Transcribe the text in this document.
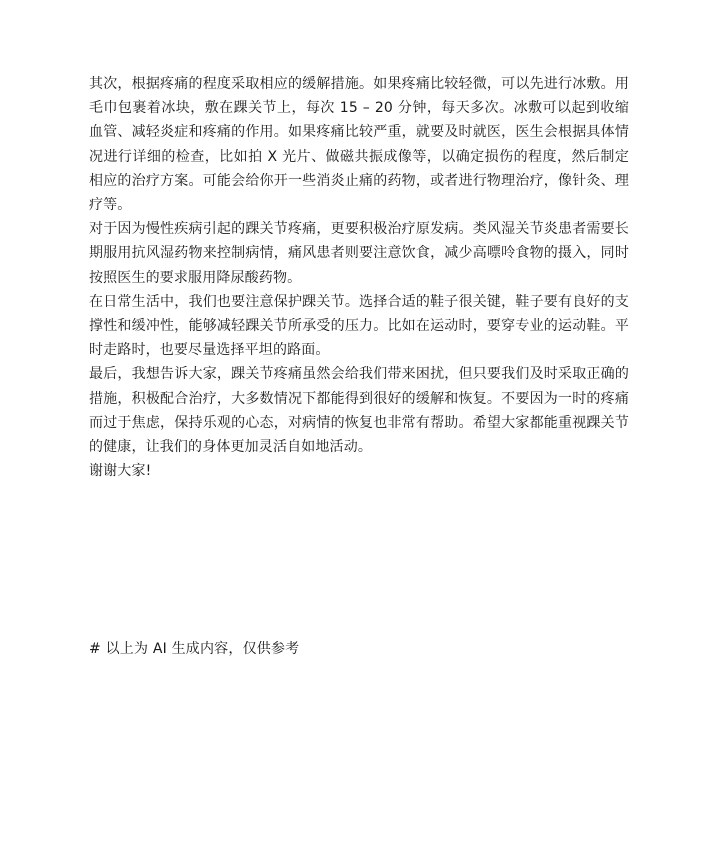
其次，根据疼痛的程度采取相应的缓解措施。如果疼痛比较轻微，可以先进行冰敷。用毛巾包裹着冰块，敷在踝关节上，每次 15 – 20 分钟，每天多次。冰敷可以起到收缩血管、减轻炎症和疼痛的作用。如果疼痛比较严重，就要及时就医，医生会根据具体情况进行详细的检查，比如拍 X 光片、做磁共振成像等，以确定损伤的程度，然后制定相应的治疗方案。可能会给你开一些消炎止痛的药物，或者进行物理治疗，像针灸、理疗等。

对于因为慢性疾病引起的踝关节疼痛，更要积极治疗原发病。类风湿关节炎患者需要长期服用抗风湿药物来控制病情，痛风患者则要注意饮食，减少高嘌呤食物的摄入，同时按照医生的要求服用降尿酸药物。

在日常生活中，我们也要注意保护踝关节。选择合适的鞋子很关键，鞋子要有良好的支撑性和缓冲性，能够减轻踝关节所承受的压力。比如在运动时，要穿专业的运动鞋。平时走路时，也要尽量选择平坦的路面。

最后，我想告诉大家，踝关节疼痛虽然会给我们带来困扰，但只要我们及时采取正确的措施，积极配合治疗，大多数情况下都能得到很好的缓解和恢复。不要因为一时的疼痛而过于焦虑，保持乐观的心态，对病情的恢复也非常有帮助。希望大家都能重视踝关节的健康，让我们的身体更加灵活自如地活动。

谢谢大家!

# 以上为 AI 生成内容，仅供参考
